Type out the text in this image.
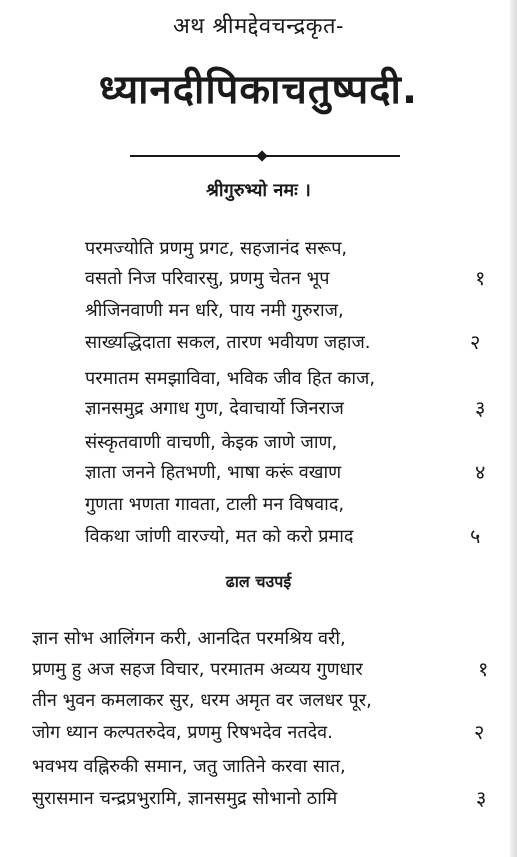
अथ श्रीमद्देवचन्द्रकृत-
ध्यानदीपिकाचतुष्पदी.
श्रीगुरुभ्यो नमः ।
परमज्योति प्रणमु प्रगट, सहजानंद सरूप,
वसतो निज परिवारसु, प्रणमु चेतन भूप	१
श्रीजिनवाणी मन धरि, पाय नमी गुरुराज,
साख्यद्धिदाता सकल, तारण भवीयण जहाज.	२
परमातम समझाविवा, भविक जीव हित काज,
ज्ञानसमुद्र अगाध गुण, देवाचार्यो जिनराज	३
संस्कृतवाणी वाचणी, केइक जाणे जाण,
ज्ञाता जनने हितभणी, भाषा करूं वखाण	४
गुणता भणता गावता, टाली मन विषवाद,
विकथा जांणी वारज्यो, मत को करो प्रमाद	५
ढाल चउपई
ज्ञान सोभ आलिंगन करी, आनदित परमश्रिय वरी,
प्रणमु हु अज सहज विचार, परमातम अव्यय गुणधार	१
तीन भुवन कमलाकर सुर, धरम अमृत वर जलधर पूर,
जोग ध्यान कल्पतरुदेव, प्रणमु रिषभदेव नतदेव.	२
भवभय वह्निरुकी समान, जतु जातिने करवा सात,
सुरासमान चन्द्रप्रभुरामि, ज्ञानसमुद्र सोभानो ठामि	३
